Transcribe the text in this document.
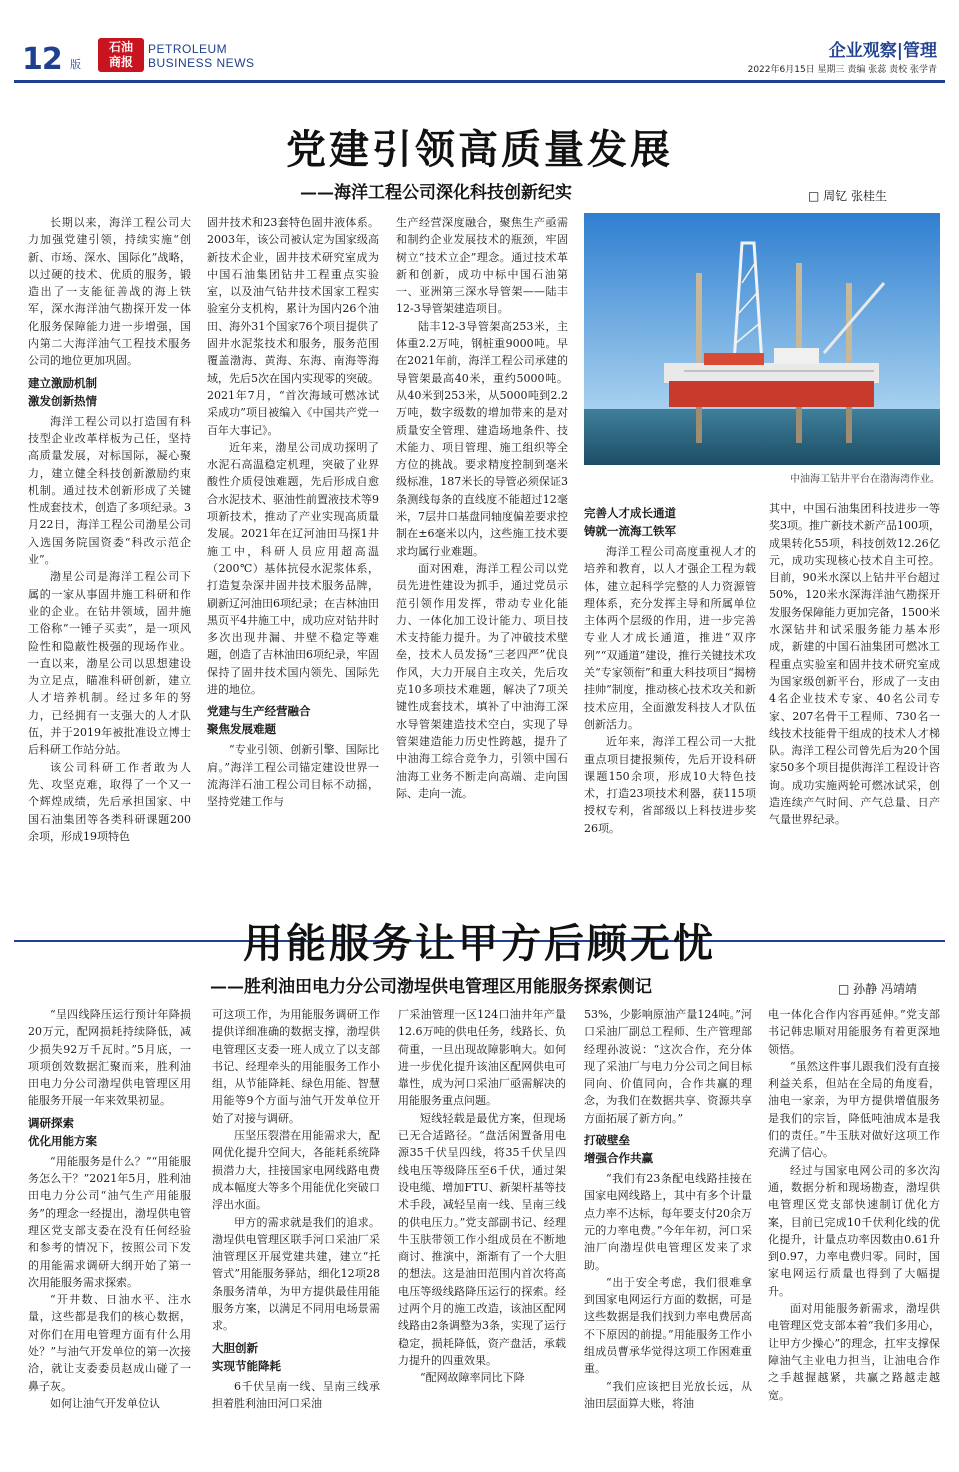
12 版
石油
商报
PETROLEUM
BUSINESS NEWS
企业观察|管理
2022年6月15日 星期三 责编 张蕊 责校 张学青
党建引领高质量发展
——海洋工程公司深化科技创新纪实	□ 周钇 张桂生

长期以来，海洋工程公司大力加强党建引领，持续实施“创新、市场、深水、国际化”战略，以过硬的技术、优质的服务，锻造出了一支能征善战的海上铁军，深水海洋油气勘探开发一体化服务保障能力进一步增强，国内第二大海洋油气工程技术服务公司的地位更加巩固。

建立激励机制
激发创新热情

海洋工程公司以打造国有科技型企业改革样板为己任，坚持高质量发展，对标国际，凝心聚力，建立健全科技创新激励约束机制。通过技术创新形成了关键性成套技术，创造了多项纪录。3月22日，海洋工程公司渤星公司入选国务院国资委“科改示范企业”。

渤星公司是海洋工程公司下属的一家从事固井施工科研和作业的企业。在钻井领域，固井施工俗称“一锤子买卖”，是一项风险性和隐蔽性极强的现场作业。一直以来，渤星公司以思想建设为立足点，瞄准科研创新，建立人才培养机制。经过多年的努力，已经拥有一支强大的人才队伍，并于2019年被批准设立博士后科研工作站分站。

该公司科研工作者敢为人先、攻坚克难，取得了一个又一个辉煌成绩，先后承担国家、中国石油集团等各类科研课题200余项，形成19项特色

固井技术和23套特色固井液体系。2003年，该公司被认定为国家级高新技术企业，固井技术研究室成为中国石油集团钻井工程重点实验室，以及油气钻井技术国家工程实验室分支机构，累计为国内26个油田、海外31个国家76个项目提供了固井水泥浆技术和服务，服务范围覆盖渤海、黄海、东海、南海等海域，先后5次在国内实现零的突破。2021年7月，“首次海域可燃冰试采成功”项目被编入《中国共产党一百年大事记》。

近年来，渤星公司成功探明了水泥石高温稳定机理，突破了业界酸性介质侵蚀难题，先后形成自愈合水泥技术、驱油性前置液技术等9项新技术，推动了产业实现高质量发展。2021年在辽河油田马探1井施工中，科研人员应用超高温（200℃）基体抗侵水泥浆体系，打造复杂深井固井技术服务品牌，刷新辽河油田6项纪录；在吉林油田黑页平4井施工中，成功应对钻井时多次出现井漏、井壁不稳定等难题，创造了吉林油田6项纪录，牢固保持了固井技术国内领先、国际先进的地位。

党建与生产经营融合
聚焦发展难题

“专业引领、创新引擎、国际比肩。”海洋工程公司锚定建设世界一流海洋石油工程公司目标不动摇，坚持党建工作与

生产经营深度融合，聚焦生产亟需和制约企业发展技术的瓶颈，牢固树立“技术立企”理念。通过技术革新和创新，成功中标中国石油第一、亚洲第三深水导管架——陆丰12-3导管架建造项目。

陆丰12-3导管架高253米，主体重2.2万吨，钢桩重9000吨。早在2021年前，海洋工程公司承建的导管架最高40米，重约5000吨。从40米到253米，从5000吨到2.2万吨，数字级数的增加带来的是对质量安全管理、建造场地条件、技术能力、项目管理、施工组织等全方位的挑战。要求精度控制到毫米级标准，187米长的导管必须保证3条测线每条的直线度不能超过12毫米，7层井口基盘同轴度偏差要求控制在±6毫米以内，这些施工技术要求均属行业难题。

面对困难，海洋工程公司以党员先进性建设为抓手，通过党员示范引领作用发挥，带动专业化能力、一体化加工设计能力、项目技术支持能力提升。为了冲破技术壁垒，技术人员发扬“三老四严”优良作风，大力开展自主攻关，先后攻克10多项技术难题，解决了7项关键性成套技术，填补了中油海工深水导管架建造技术空白，实现了导管架建造能力历史性跨越，提升了中油海工综合竞争力，引领中国石油海工业务不断走向高端、走向国际、走向一流。

中油海工钻井平台在渤海湾作业。
完善人才成长通道
铸就一流海工铁军

海洋工程公司高度重视人才的培养和教育，以人才强企工程为载体，建立起科学完整的人力资源管理体系，充分发挥主导和所属单位主体两个层级的作用，进一步完善专业人才成长通道，推进“双序列”“双通道”建设，推行关键技术攻关“专家领衔”和重大科技项目“揭榜挂帅”制度，推动核心技术攻关和新技术应用，全面激发科技人才队伍创新活力。

近年来，海洋工程公司一大批重点项目捷报频传，先后开设科研课题150余项，形成10大特色技术，打造23项技术利器，获115项授权专利，省部级以上科技进步奖26项。

其中，中国石油集团科技进步一等奖3项。推广新技术新产品100项，成果转化55项，科技创效12.26亿元，成功实现核心技术自主可控。目前，90米水深以上钻井平台超过50%，120米水深海洋油气勘探开发服务保障能力更加完备，1500米水深钻井和试采服务能力基本形成，新建的中国石油集团可燃冰工程重点实验室和固井技术研究室成为国家级创新平台，形成了一支由4名企业技术专家、40名公司专家、207名骨干工程师、730名一线技术技能骨干组成的技术人才梯队。海洋工程公司曾先后为20个国家50多个项目提供海洋工程设计咨询。成功实施两轮可燃冰试采，创造连续产气时间、产气总量、日产气量世界纪录。

用能服务让甲方后顾无忧
——胜利油田电力分公司渤埕供电管理区用能服务探索侧记	□ 孙静 冯靖靖

“呈四线降压运行预计年降损20万元，配网损耗持续降低，减少损失92万千瓦时。”5月底，一项项创效数据汇聚而来，胜利油田电力分公司渤埕供电管理区用能服务开展一年来效果初显。

调研探索
优化用能方案

“用能服务是什么？”“用能服务怎么干？”2021年5月，胜利油田电力分公司“油气生产用能服务”的理念一经提出，渤埕供电管理区党支部支委在没有任何经验和参考的情况下，按照公司下发的用能需求调研大纲开始了第一次用能服务需求探索。

“开井数、日油水平、注水量，这些都是我们的核心数据，对你们在用电管理方面有什么用处？”与油气开发单位的第一次接洽，就让支委委员赵成山碰了一鼻子灰。

如何让油气开发单位认

可这项工作，为用能服务调研工作提供详细准确的数据支撑，渤埕供电管理区支委一班人成立了以支部书记、经理牵头的用能服务工作小组，从节能降耗、绿色用能、智慧用能等9个方面与油气开发单位开始了对接与调研。

压坚压裂潜在用能需求大，配网优化提升空间大，各能耗系统降损潜力大，挂接国家电网线路电费成本幅度大等多个用能优化突破口浮出水面。

甲方的需求就是我们的追求。渤埕供电管理区联手河口采油厂采油管理区开展党建共建，建立“托管式”用能服务驿站，细化12项28条服务清单，为甲方提供最佳用能服务方案，以满足不同用电场景需求。

大胆创新
实现节能降耗

6千伏呈南一线、呈南三线承担着胜利油田河口采油

厂采油管理一区124口油井年产量12.6万吨的供电任务，线路长、负荷重，一旦出现故障影响大。如何进一步优化提升该油区配网供电可靠性，成为河口采油厂亟需解决的用能服务重点问题。

短线轻载是最优方案，但现场已无合适路径。“盘活闲置备用电源35千伏呈四线，将35千伏呈四线电压等级降压至6千伏，通过架设电缆、增加FTU、新架杆基等技术手段，减轻呈南一线、呈南三线的供电压力。”党支部副书记、经理牛玉肤带领工作小组成员在不断地商讨、推演中，渐渐有了一个大胆的想法。这是油田范围内首次将高电压等级线路降压运行的探索。经过两个月的施工改造，该油区配网线路由2条调整为3条，实现了运行稳定，损耗降低，资产盘活，承载力提升的四重效果。

“配网故障率同比下降

53%，少影响原油产量124吨。”河口采油厂副总工程师、生产管理部经理孙波说：“这次合作，充分体现了采油厂与电力分公司之间目标同向、价值同向，合作共赢的理念，为我们在数据共享、资源共享方面拓展了新方向。”

打破壁垒
增强合作共赢

“我们有23条配电线路挂接在国家电网线路上，其中有多个计量点力率不达标，每年要支付20余万元的力率电费。”今年年初，河口采油厂向渤埕供电管理区发来了求助。

“出于安全考虑，我们很难拿到国家电网运行方面的数据，可是这些数据是我们找到力率电费居高不下原因的前提。”用能服务工作小组成员曹承华觉得这项工作困难重重。

“我们应该把目光放长远，从油田层面算大账，将油

电一体化合作内容再延伸。”党支部书记韩忠顺对用能服务有着更深地领悟。

“虽然这件事儿跟我们没有直接利益关系，但站在全局的角度看，油电一家亲，为甲方提供增值服务是我们的宗旨，降低吨油成本是我们的责任。”牛玉肤对做好这项工作充满了信心。

经过与国家电网公司的多次沟通，数据分析和现场勘查，渤埕供电管理区党支部快速制订优化方案，目前已完成10千伏利化线的优化提升，计量点功率因数由0.61升到0.97，力率电费归零。同时，国家电网运行质量也得到了大幅提升。

面对用能服务新需求，渤埕供电管理区党支部本着“我们多用心，让甲方少操心”的理念，扛牢支撑保障油气主业电力担当，让油电合作之手越握越紧，共赢之路越走越宽。
